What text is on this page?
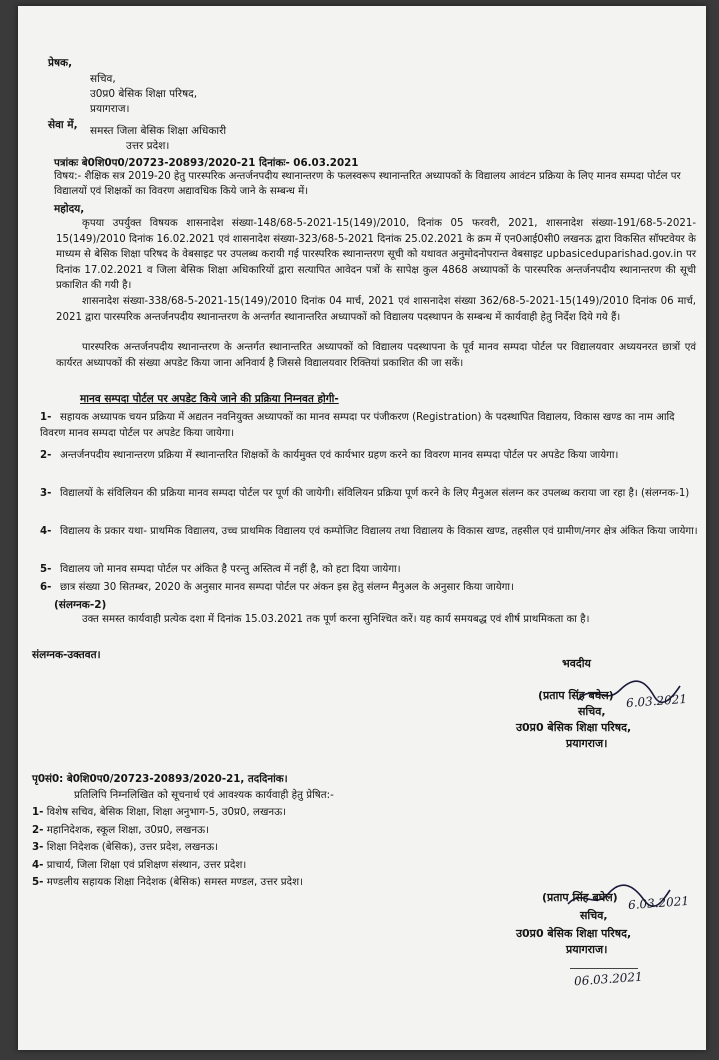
प्रेषक,
सचिव,
उ0प्र0 बेसिक शिक्षा परिषद,
प्रयागराज।
सेवा में, समस्त जिला बेसिक शिक्षा अधिकारी
उत्तर प्रदेश।
पत्रांकः बे0शि0प0/20723-20893/2020-21 दिनांकः- 06.03.2021
विषय:- शैक्षिक सत्र 2019-20 हेतु पारस्परिक अन्तर्जनपदीय स्थानान्तरण के फलस्वरूप स्थानान्तरित अध्यापकों के विद्यालय आवंटन प्रक्रिया के लिए मानव सम्पदा पोर्टल पर विद्यालयों एवं शिक्षकों का विवरण अद्यावधिक किये जाने के सम्बन्ध में।
महोदय,
कृपया उपर्युक्त विषयक शासनादेश संख्या-148/68-5-2021-15(149)/2010, दिनांक 05 फरवरी, 2021, शासनादेश संख्या-191/68-5-2021-15(149)/2010 दिनांक 16.02.2021 एवं शासनादेश संख्या-323/68-5-2021 दिनांक 25.02.2021 के क्रम में एन0आई0सी0 लखनऊ द्वारा विकसित सॉफ्टवेयर के माध्यम से बेसिक शिक्षा परिषद के वेबसाइट पर उपलब्ध करायी गई पारस्परिक स्थानान्तरण सूची को यथावत अनुमोदनोपरान्त वेबसाइट upbasiceduparishad.gov.in पर दिनांक 17.02.2021 व जिला बेसिक शिक्षा अधिकारियों द्वारा सत्यापित आवेदन पत्रों के सापेक्ष कुल 4868 अध्यापकों के पारस्परिक अन्तर्जनपदीय स्थानान्तरण की सूची प्रकाशित की गयी है।
शासनादेश संख्या-338/68-5-2021-15(149)/2010 दिनांक 04 मार्च, 2021 एवं शासनादेश संख्या 362/68-5-2021-15(149)/2010 दिनांक 06 मार्च, 2021 द्वारा पारस्परिक अन्तर्जनपदीय स्थानान्तरण के अन्तर्गत स्थानान्तरित अध्यापकों को विद्यालय पदस्थापन के सम्बन्ध में कार्यवाही हेतु निर्देश दिये गये हैं।
पारस्परिक अन्तर्जनपदीय स्थानान्तरण के अन्तर्गत स्थानान्तरित अध्यापकों को विद्यालय पदस्थापना के पूर्व मानव सम्पदा पोर्टल पर विद्यालयवार अध्ययनरत छात्रों एवं कार्यरत अध्यापकों की संख्या अपडेट किया जाना अनिवार्य है जिससे विद्यालयवार रिक्तियां प्रकाशित की जा सकें।
मानव सम्पदा पोर्टल पर अपडेट किये जाने की प्रक्रिया निम्नवत होगी-
1- सहायक अध्यापक चयन प्रक्रिया में अद्यतन नवनियुक्त अध्यापकों का मानव सम्पदा पर पंजीकरण (Registration) के पदस्थापित विद्यालय, विकास खण्ड का नाम आदि विवरण मानव सम्पदा पोर्टल पर अपडेट किया जायेगा।
2- अन्तर्जनपदीय स्थानान्तरण प्रक्रिया में स्थानान्तरित शिक्षकों के कार्यमुक्त एवं कार्यभार ग्रहण करने का विवरण मानव सम्पदा पोर्टल पर अपडेट किया जायेगा।
3- विद्यालयों के संविलियन की प्रक्रिया मानव सम्पदा पोर्टल पर पूर्ण की जायेगी। संविलियन प्रक्रिया पूर्ण करने के लिए मैनुअल संलग्न कर उपलब्ध कराया जा रहा है। (संलग्नक-1)
4- विद्यालय के प्रकार यथा- प्राथमिक विद्यालय, उच्च प्राथमिक विद्यालय एवं कम्पोजिट विद्यालय तथा विद्यालय के विकास खण्ड, तहसील एवं ग्रामीण/नगर क्षेत्र अंकित किया जायेगा।
5- विद्यालय जो मानव सम्पदा पोर्टल पर अंकित है परन्तु अस्तित्व में नहीं है, को हटा दिया जायेगा।
6- छात्र संख्या 30 सितम्बर, 2020 के अनुसार मानव सम्पदा पोर्टल पर अंकन इस हेतु संलग्न मैनुअल के अनुसार किया जायेगा।
(संलग्नक-2)
उक्त समस्त कार्यवाही प्रत्येक दशा में दिनांक 15.03.2021 तक पूर्ण करना सुनिश्चित करें। यह कार्य समयबद्ध एवं शीर्ष प्राथमिकता का है।
संलग्नक-उक्तवत।
भवदीय
(प्रताप सिंह बघेल) 6.03.2021
सचिव,
उ0प्र0 बेसिक शिक्षा परिषद,
प्रयागराज।
पृ0सं0: बे0शि0प0/20723-20893/2020-21, तददिनांक।
प्रतिलिपि निम्नलिखित को सूचनार्थ एवं आवश्यक कार्यवाही हेतु प्रेषित:-
1- विशेष सचिव, बेसिक शिक्षा, शिक्षा अनुभाग-5, उ0प्र0, लखनऊ।
2- महानिदेशक, स्कूल शिक्षा, उ0प्र0, लखनऊ।
3- शिक्षा निदेशक (बेसिक), उत्तर प्रदेश, लखनऊ।
4- प्राचार्य, जिला शिक्षा एवं प्रशिक्षण संस्थान, उत्तर प्रदेश।
5- मण्डलीय सहायक शिक्षा निदेशक (बेसिक) समस्त मण्डल, उत्तर प्रदेश।
(प्रताप सिंह बघेल) 6.03.2021
सचिव,
उ0प्र0 बेसिक शिक्षा परिषद,
प्रयागराज।
06.03.2021
